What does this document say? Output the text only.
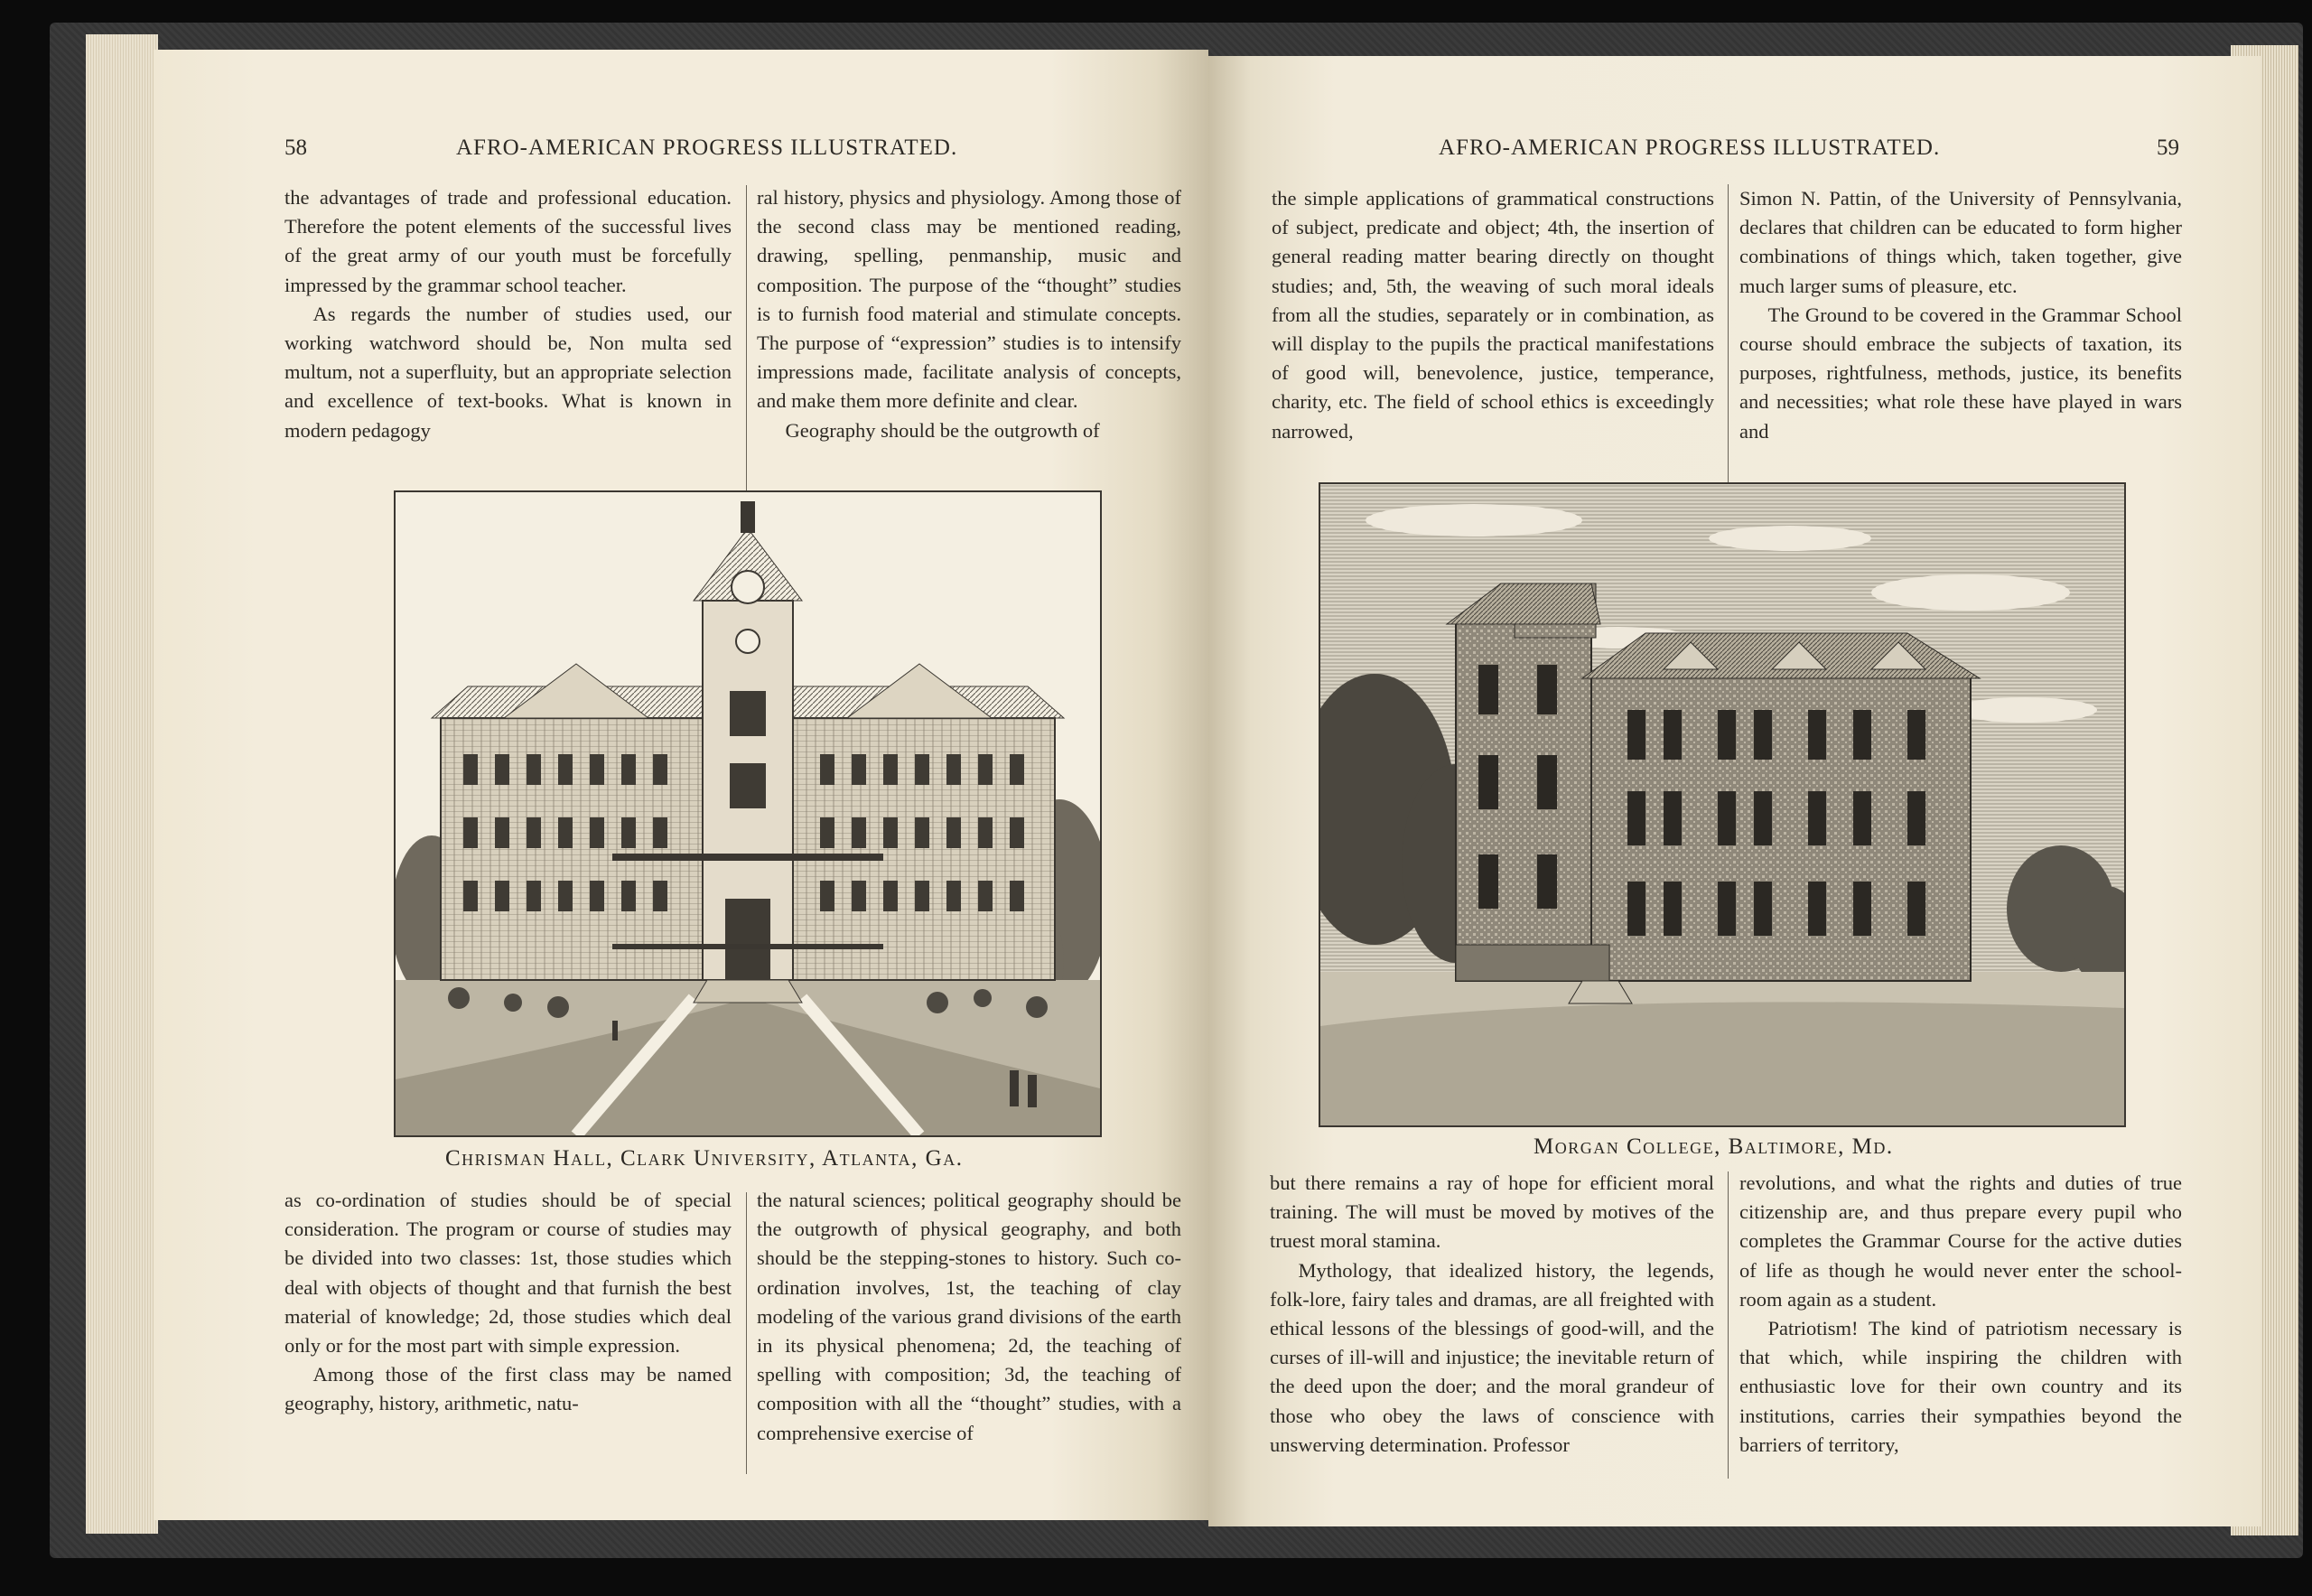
58	AFRO-AMERICAN PROGRESS ILLUSTRATED.

the advantages of trade and professional education. Therefore the potent elements of the successful lives of the great army of our youth must be forcefully impressed by the grammar school teacher.

As regards the number of studies used, our working watchword should be, Non multa sed multum, not a superfluity, but an appropriate selection and excellence of text-books. What is known in modern pedagogy

ral history, physics and physiology. Among those of the second class may be mentioned reading, drawing, spelling, penmanship, music and composition. The purpose of the “thought” studies is to furnish food material and stimulate concepts. The purpose of “expression” studies is to intensify impressions made, facilitate analysis of concepts, and make them more definite and clear.

Geography should be the outgrowth of

Chrisman Hall, Clark University, Atlanta, Ga.

as co-ordination of studies should be of special consideration. The program or course of studies may be divided into two classes: 1st, those studies which deal with objects of thought and that furnish the best material of knowledge; 2d, those studies which deal only or for the most part with simple expression.

Among those of the first class may be named geography, history, arithmetic, natu-

the natural sciences; political geography should be the outgrowth of physical geography, and both should be the stepping-stones to history. Such co-ordination involves, 1st, the teaching of clay modeling of the various grand divisions of the earth in its physical phenomena; 2d, the teaching of spelling with composition; 3d, the teaching of composition with all the “thought” studies, with a comprehensive exercise of

AFRO-AMERICAN PROGRESS ILLUSTRATED.	59

the simple applications of grammatical constructions of subject, predicate and object; 4th, the insertion of general reading matter bearing directly on thought studies; and, 5th, the weaving of such moral ideals from all the studies, separately or in combination, as will display to the pupils the practical manifestations of good will, benevolence, justice, temperance, charity, etc. The field of school ethics is exceedingly narrowed,

Simon N. Pattin, of the University of Pennsylvania, declares that children can be educated to form higher combinations of things which, taken together, give much larger sums of pleasure, etc.

The Ground to be covered in the Grammar School course should embrace the subjects of taxation, its purposes, rightfulness, methods, justice, its benefits and necessities; what role these have played in wars and

Morgan College, Baltimore, Md.

but there remains a ray of hope for efficient moral training. The will must be moved by motives of the truest moral stamina.

Mythology, that idealized history, the legends, folk-lore, fairy tales and dramas, are all freighted with ethical lessons of the blessings of good-will, and the curses of ill-will and injustice; the inevitable return of the deed upon the doer; and the moral grandeur of those who obey the laws of conscience with unswerving determination. Professor

revolutions, and what the rights and duties of true citizenship are, and thus prepare every pupil who completes the Grammar Course for the active duties of life as though he would never enter the school-room again as a student.

Patriotism! The kind of patriotism necessary is that which, while inspiring the children with enthusiastic love for their own country and its institutions, carries their sympathies beyond the barriers of territory,
